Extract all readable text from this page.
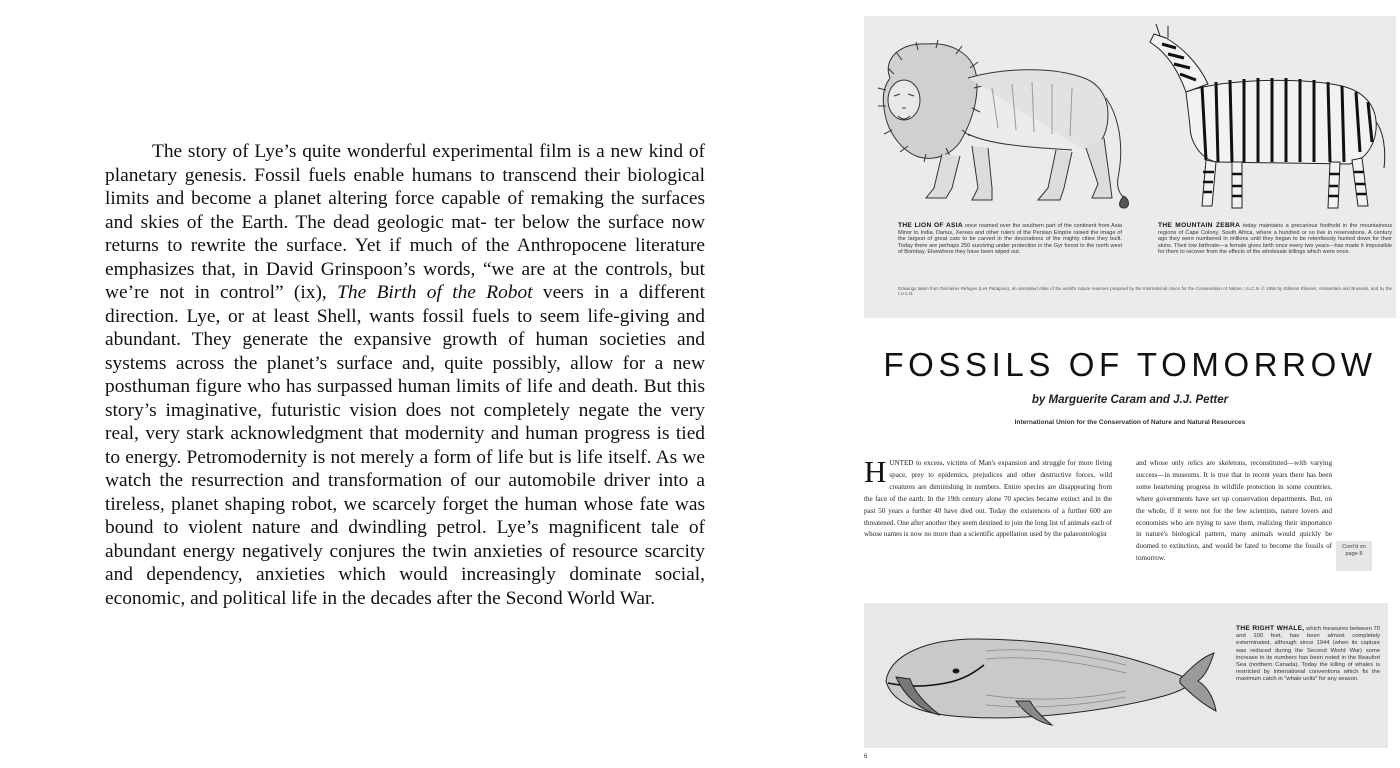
The story of Lye’s quite wonderful experimental film is a new kind of planetary genesis. Fossil fuels enable humans to transcend their biological limits and become a planet altering force capable of remaking the surfaces and skies of the Earth. The dead geologic mat- ter below the surface now returns to rewrite the surface. Yet if much of the Anthropocene literature emphasizes that, in David Grinspoon’s words, “we are at the controls, but we’re not in control” (ix), The Birth of the Robot veers in a different direction. Lye, or at least Shell, wants fossil fuels to seem life-giving and abundant. They generate the expansive growth of human societies and systems across the planet’s surface and, quite possibly, allow for a new posthuman figure who has surpassed human limits of life and death. But this story’s imaginative, futuristic vision does not completely negate the very real, very stark acknowledgment that modernity and human progress is tied to energy. Petromodernity is not merely a form of life but is life itself. As we watch the resurrection and transformation of our automobile driver into a tireless, planet shaping robot, we scarcely forget the human whose fate was bound to violent nature and dwindling petrol. Lye’s magnificent tale of abundant energy negatively conjures the twin anxieties of resource scarcity and dependency, anxieties which would increasingly dominate social, economic, and political life in the decades after the Second World War.

THE LION OF ASIA once roamed over the southern part of the continent from Asia Minor to India. Darius, Xerxes and other rulers of the Persian Empire raised the image of the largest of great cats to be carved in the decorations of the mighty cities they built. Today there are perhaps 250 surviving under protection in the Gyr forest to the north west of Bombay. Elsewhere they have been wiped out.
THE MOUNTAIN ZEBRA today maintains a precarious foothold in the mountainous regions of Cape Colony, South Africa, where a hundred or so live in reservations. A century ago they were numbered in millions until they began to be relentlessly hunted down for their skins. Their low birthrate—a female gives birth once every two years—has made it impossible for them to recover from the effects of the wholesale killings which were once.
Drawings taken from Dernières Refuges (Les Paragons), an annotated Atlas of the world's nature reserves prepared by the International Union for the Conservation of Nature, I.U.C.N. © 1956 by Editions Elsevier, Amsterdam and Brussels, and by the I.U.C.N.
FOSSILS OF TOMORROW
by Marguerite Caram and J.J. Petter
International Union for the Conservation of Nature and Natural Resources
HUNTED to excess, victims of Man's expansion and struggle for more living space, prey to epidemics, prejudices and other destructive forces, wild creatures are diminishing in numbers. Entire species are disappearing from the face of the earth. In the 19th century alone 70 species became extinct and in the past 50 years a further 40 have died out. Today the existences of a further 600 are threatened. One after another they seem destined to join the long list of animals each of whose names is now no more than a scientific appellation used by the palaeontologist
and whose only relics are skeletons, reconstituted—with varying success—in museums. It is true that in recent years there has been some heartening progress in wildlife protection in some countries, where governments have set up conservation departments. But, on the whole, if it were not for the few scientists, nature lovers and economists who are trying to save them, realizing their importance in nature's biological pattern, many animals would quickly be doomed to extinction, and would be fated to become the fossils of tomorrow.
Cont'd on page 8
THE RIGHT WHALE, which measures between 70 and 100 feet, has been almost completely exterminated, although since 1944 (when its capture was reduced during the Second World War) some increase in its numbers has been noted in the Beaufort Sea (northern Canada). Today the killing of whales is restricted by international conventions which fix the maximum catch in "whale units" for any season.
6
